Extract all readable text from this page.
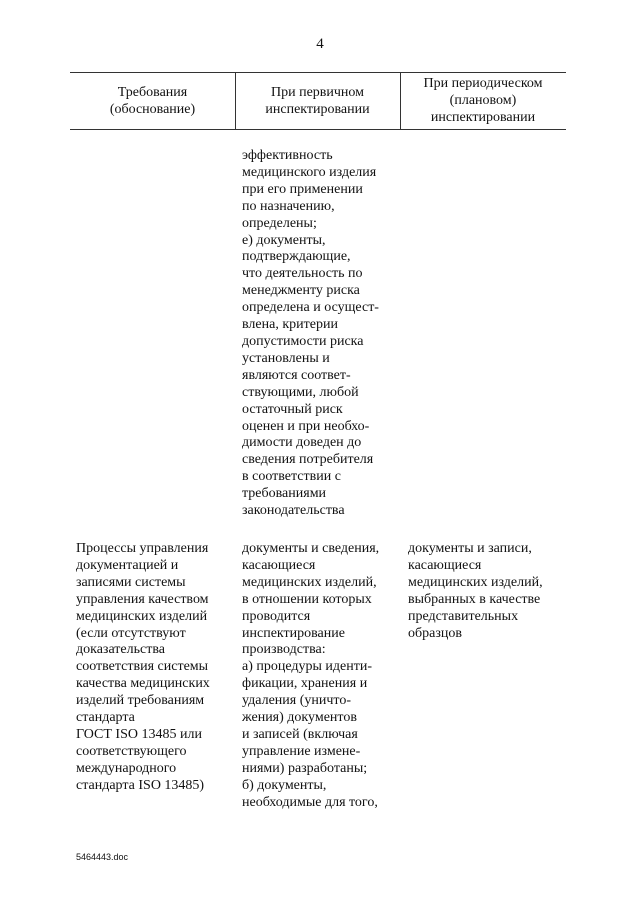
4
Требования
(обоснование)
При первичном
инспектировании
При периодическом
(плановом)
инспектировании
эффективность
медицинского изделия
при его применении
по назначению,
определены;
е) документы,
подтверждающие,
что деятельность по
менеджменту риска
определена и осущест-
влена, критерии
допустимости риска
установлены и
являются соответ-
ствующими, любой
остаточный риск
оценен и при необхо-
димости доведен до
сведения потребителя
в соответствии с
требованиями
законодательства
Процессы управления
документацией и
записями системы
управления качеством
медицинских изделий
(если отсутствуют
доказательства
соответствия системы
качества медицинских
изделий требованиям
стандарта
ГОСТ ISO 13485 или
соответствующего
международного
стандарта ISO 13485)
документы и сведения,
касающиеся
медицинских изделий,
в отношении которых
проводится
инспектирование
производства:
а) процедуры иденти-
фикации, хранения и
удаления (уничто-
жения) документов
и записей (включая
управление измене-
ниями) разработаны;
б) документы,
необходимые для того,
документы и записи,
касающиеся
медицинских изделий,
выбранных в качестве
представительных
образцов
5464443.doc
